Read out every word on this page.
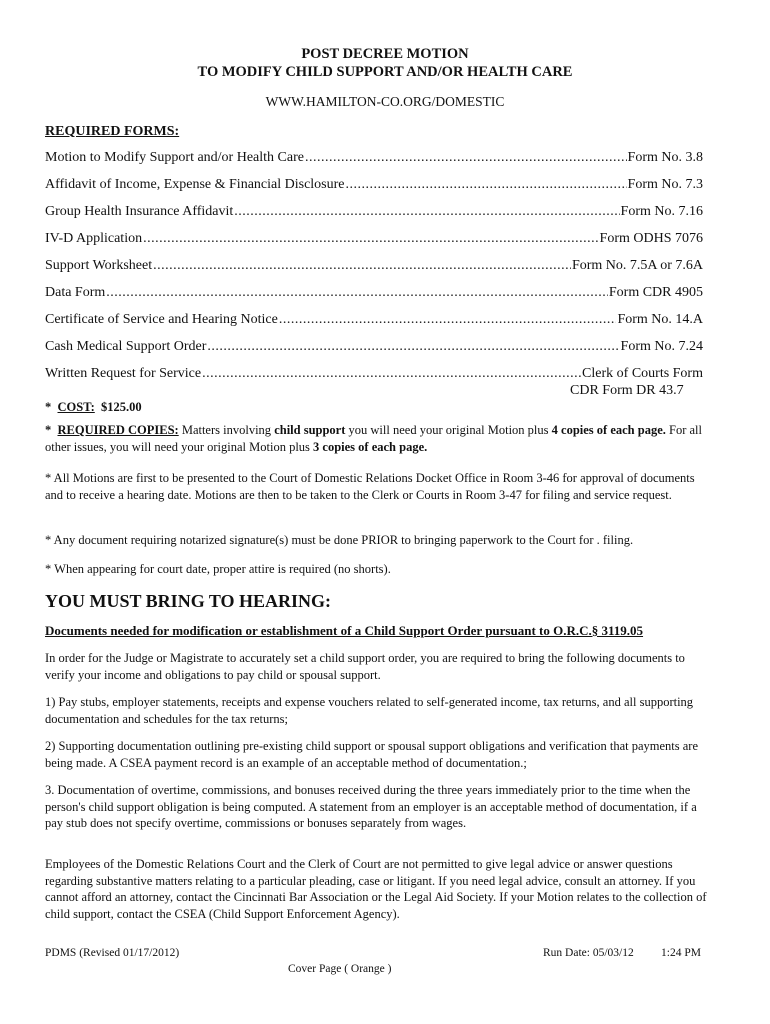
POST DECREE MOTION
TO MODIFY CHILD SUPPORT AND/OR HEALTH CARE
WWW.HAMILTON-CO.ORG/DOMESTIC
REQUIRED FORMS:
Motion to Modify Support and/or Health Care .....	Form No. 3.8
Affidavit of Income, Expense & Financial Disclosure .....	Form No. 7.3
Group Health Insurance Affidavit .....	Form No. 7.16
IV-D Application .....	Form ODHS 7076
Support Worksheet .....	Form No. 7.5A or 7.6A
Data Form .....	Form CDR 4905
Certificate of Service and Hearing Notice .....	Form No. 14.A
Cash Medical Support Order .....	Form No. 7.24
Written Request for Service .....	Clerk of Courts Form
CDR Form DR 43.7
* COST: $125.00
* REQUIRED COPIES: Matters involving child support you will need your original Motion plus 4 copies of each page. For all other issues, you will need your original Motion plus 3 copies of each page.
* All Motions are first to be presented to the Court of Domestic Relations Docket Office in Room 3-46 for approval of documents and to receive a hearing date. Motions are then to be taken to the Clerk or Courts in Room 3-47 for filing and service request.
* Any document requiring notarized signature(s) must be done PRIOR to bringing paperwork to the Court for . filing.
* When appearing for court date, proper attire is required (no shorts).
YOU MUST BRING TO HEARING:
Documents needed for modification or establishment of a Child Support Order pursuant to O.R.C.§ 3119.05
In order for the Judge or Magistrate to accurately set a child support order, you are required to bring the following documents to verify your income and obligations to pay child or spousal support.
1) Pay stubs, employer statements, receipts and expense vouchers related to self-generated income, tax returns, and all supporting documentation and schedules for the tax returns;
2) Supporting documentation outlining pre-existing child support or spousal support obligations and verification that payments are being made. A CSEA payment record is an example of an acceptable method of documentation.;
3. Documentation of overtime, commissions, and bonuses received during the three years immediately prior to the time when the person's child support obligation is being computed. A statement from an employer is an acceptable method of documentation, if a pay stub does not specify overtime, commissions or bonuses separately from wages.
Employees of the Domestic Relations Court and the Clerk of Court are not permitted to give legal advice or answer questions regarding substantive matters relating to a particular pleading, case or litigant. If you need legal advice, consult an attorney. If you cannot afford an attorney, contact the Cincinnati Bar Association or the Legal Aid Society. If your Motion relates to the collection of child support, contact the CSEA (Child Support Enforcement Agency).
PDMS (Revised 01/17/2012)	Run Date: 05/03/12 1:24 PM
Cover Page ( Orange )
